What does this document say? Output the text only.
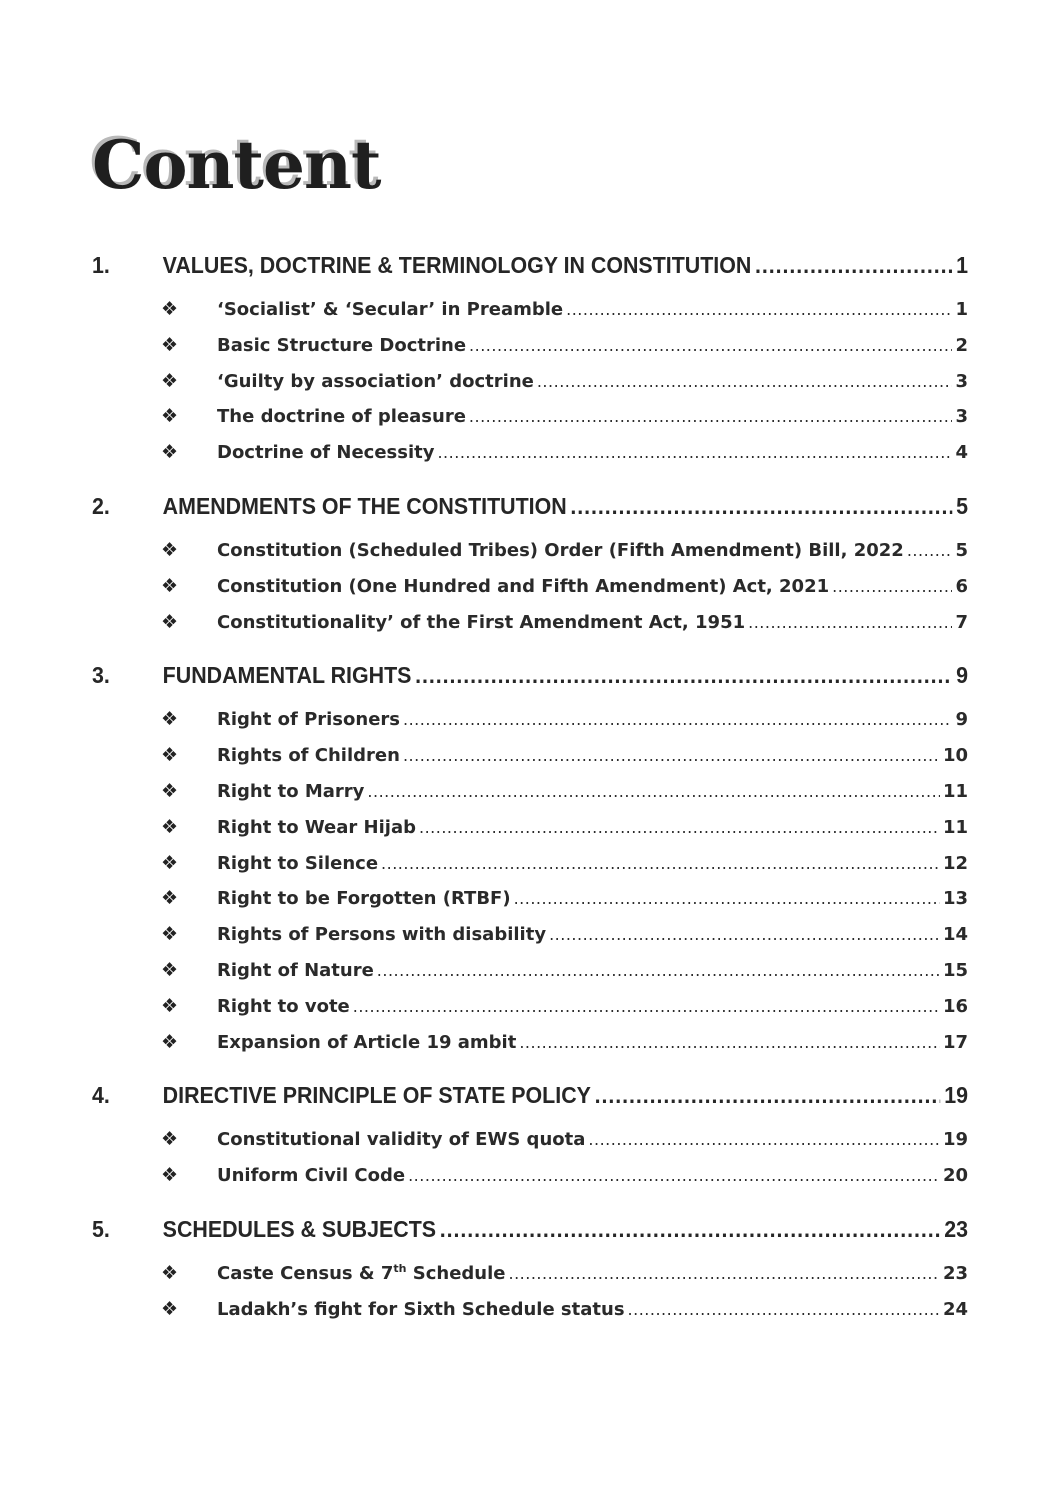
Content
1.	VALUES, DOCTRINE & TERMINOLOGY IN CONSTITUTION .....	1
❖	‘Socialist’ & ‘Secular’ in Preamble .....	1
❖	Basic Structure Doctrine .....	2
❖	‘Guilty by association’ doctrine .....	3
❖	The doctrine of pleasure .....	3
❖	Doctrine of Necessity .....	4
2.	AMENDMENTS OF THE CONSTITUTION .....	5
❖	Constitution (Scheduled Tribes) Order (Fifth Amendment) Bill, 2022 .....	5
❖	Constitution (One Hundred and Fifth Amendment) Act, 2021 .....	6
❖	Constitutionality’ of the First Amendment Act, 1951 .....	7
3.	FUNDAMENTAL RIGHTS .....	9
❖	Right of Prisoners .....	9
❖	Rights of Children .....	10
❖	Right to Marry .....	11
❖	Right to Wear Hijab .....	11
❖	Right to Silence .....	12
❖	Right to be Forgotten (RTBF) .....	13
❖	Rights of Persons with disability .....	14
❖	Right of Nature .....	15
❖	Right to vote .....	16
❖	Expansion of Article 19 ambit .....	17
4.	DIRECTIVE PRINCIPLE OF STATE POLICY .....	19
❖	Constitutional validity of EWS quota .....	19
❖	Uniform Civil Code .....	20
5.	SCHEDULES & SUBJECTS .....	23
❖	Caste Census & 7th Schedule .....	23
❖	Ladakh’s fight for Sixth Schedule status .....	24
